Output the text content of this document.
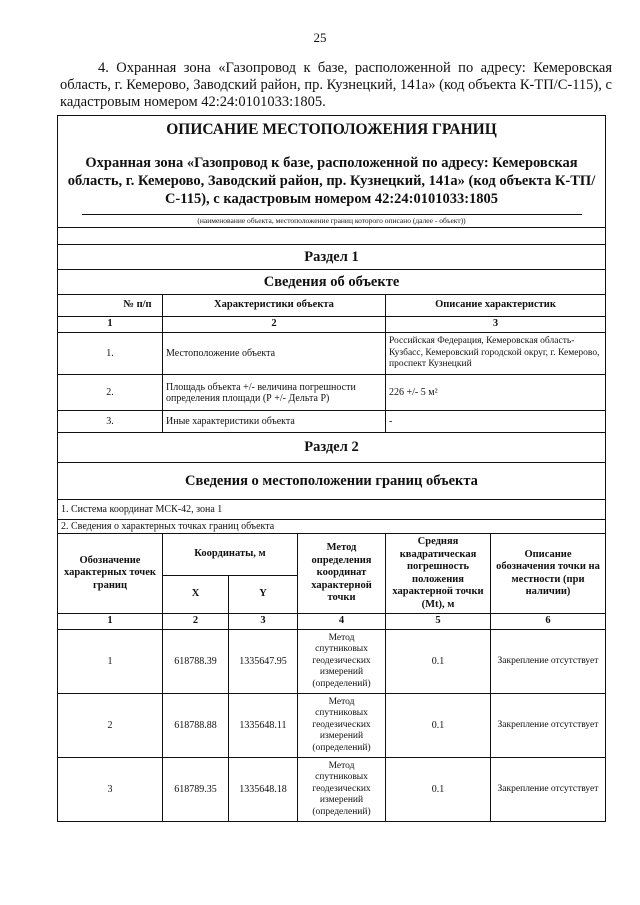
25
4. Охранная зона «Газопровод к базе, расположенной по адресу: Кемеровская область, г. Кемерово, Заводский район, пр. Кузнецкий, 141а» (код объекта К-ТП/С-115), с кадастровым номером 42:24:0101033:1805.
ОПИСАНИЕ МЕСТОПОЛОЖЕНИЯ ГРАНИЦ					
Охранная зона «Газопровод к базе, расположенной по адресу: Кемеровская область, г. Кемерово, Заводский район, пр. Кузнецкий, 141а» (код объекта К-ТП/С-115), с кадастровым номером 42:24:0101033:1805					
(наименование объекта, местоположение границ которого описано (далее - объект))					

Раздел 1					
Сведения об объекте					

№ п/п	Характеристики объекта			Описание характеристик	
1	2			3	
1.	Местоположение объекта			Российская Федерация, Кемеровская область-Кузбасс, Кемеровский городской округ, г. Кемерово, проспект Кузнецкий	
2.	Площадь объекта +/- величина погрешности определения площади (Р +/- Дельта Р)			226 +/- 5 м²	
3.	Иные характеристики объекта			-	
Раздел 2					
Сведения о местоположении границ объекта					
1. Система координат МСК-42, зона 1					
2. Сведения о характерных точках границ объекта					
Обозначение характерных точек границ	Координаты, м		Метод определения координат характерной точки	Средняя квадратическая погрешность положения характерной точки (Mt), м	Описание обозначения точки на местности (при наличии)
	X	Y			
1	2	3	4	5	6
1	618788.39	1335647.95	Метод спутниковых геодезических измерений (определений)	0.1	Закрепление отсутствует
2	618788.88	1335648.11	Метод спутниковых геодезических измерений (определений)	0.1	Закрепление отсутствует
3	618789.35	1335648.18	Метод спутниковых геодезических измерений (определений)	0.1	Закрепление отсутствует
